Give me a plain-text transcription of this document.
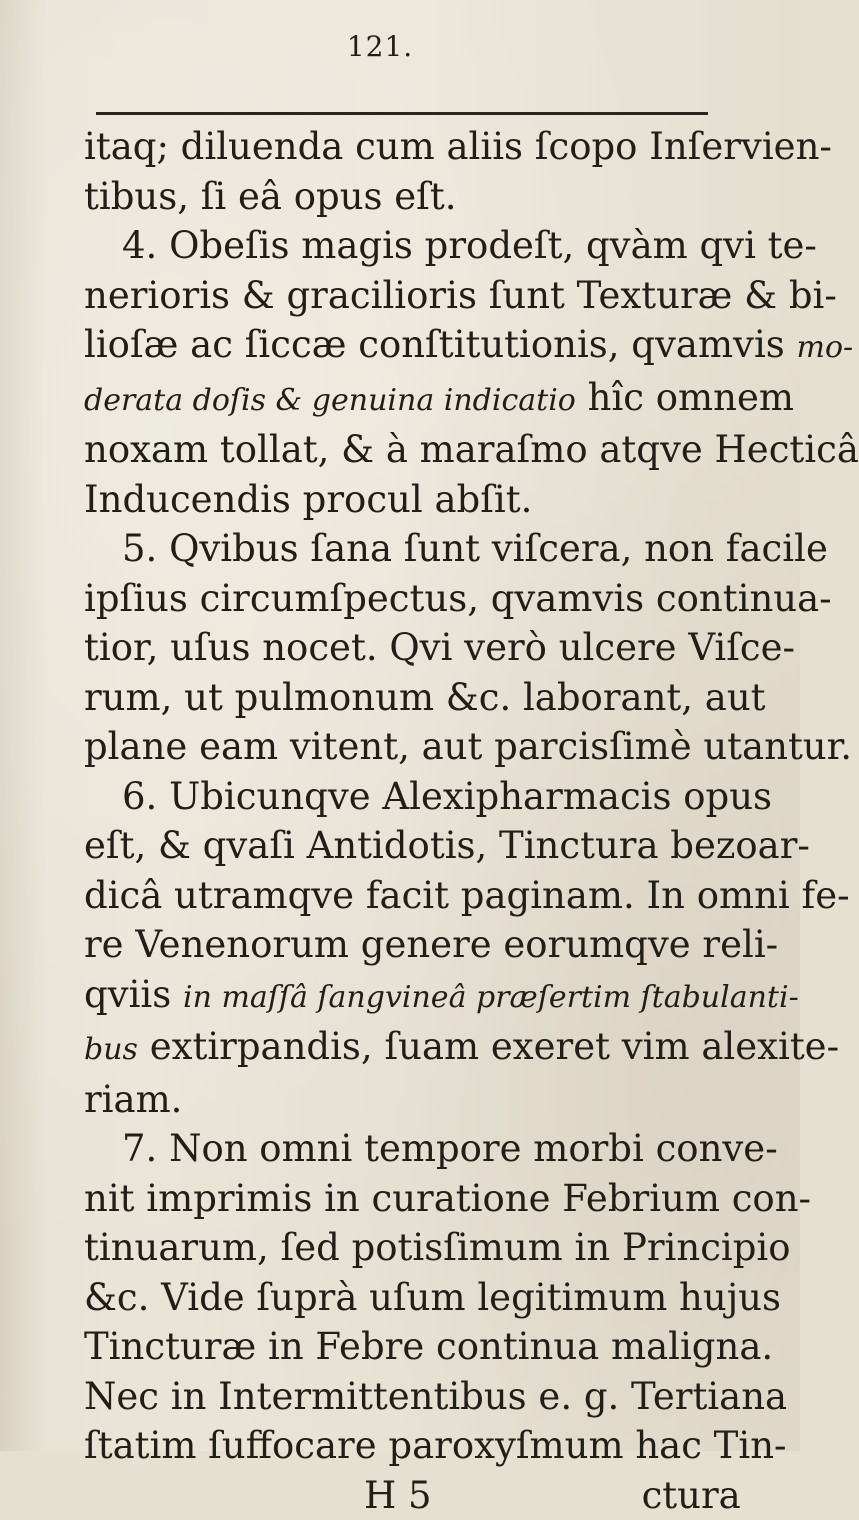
121.
itaq; diluenda cum aliis ſcopo Inſervien-
tibus, ſi eâ opus eſt.
4. Obeſis magis prodeſt, qvàm qvi te-
nerioris & gracilioris ſunt Texturæ & bi-
lioſæ ac ſiccæ conſtitutionis, qvamvis mo-
derata doſis & genuina indicatio hîc omnem
noxam tollat, & à maraſmo atqve Hecticâ
Inducendis procul abſit.
5. Qvibus ſana ſunt viſcera, non facile
ipſius circumſpectus, qvamvis continua-
tior, uſus nocet. Qvi verò ulcere Viſce-
rum, ut pulmonum &c. laborant, aut
plane eam vitent, aut parcisſimè utantur.
6. Ubicunqve Alexipharmacis opus
eſt, & qvaſi Antidotis, Tinctura bezoar-
dicâ utramqve facit paginam. In omni fe-
re Venenorum genere eorumqve reli-
qviis in maſſâ ſangvineâ præſertim ſtabulanti-
bus extirpandis, ſuam exeret vim alexite-
riam.
7. Non omni tempore morbi conve-
nit imprimis in curatione Febrium con-
tinuarum, ſed potisſimum in Principio
&c. Vide ſuprà uſum legitimum hujus
Tincturæ in Febre continua maligna.
Nec in Intermittentibus e. g. Tertiana
ſtatim ſuffocare paroxyſmum hac Tin-
H 5	ctura
